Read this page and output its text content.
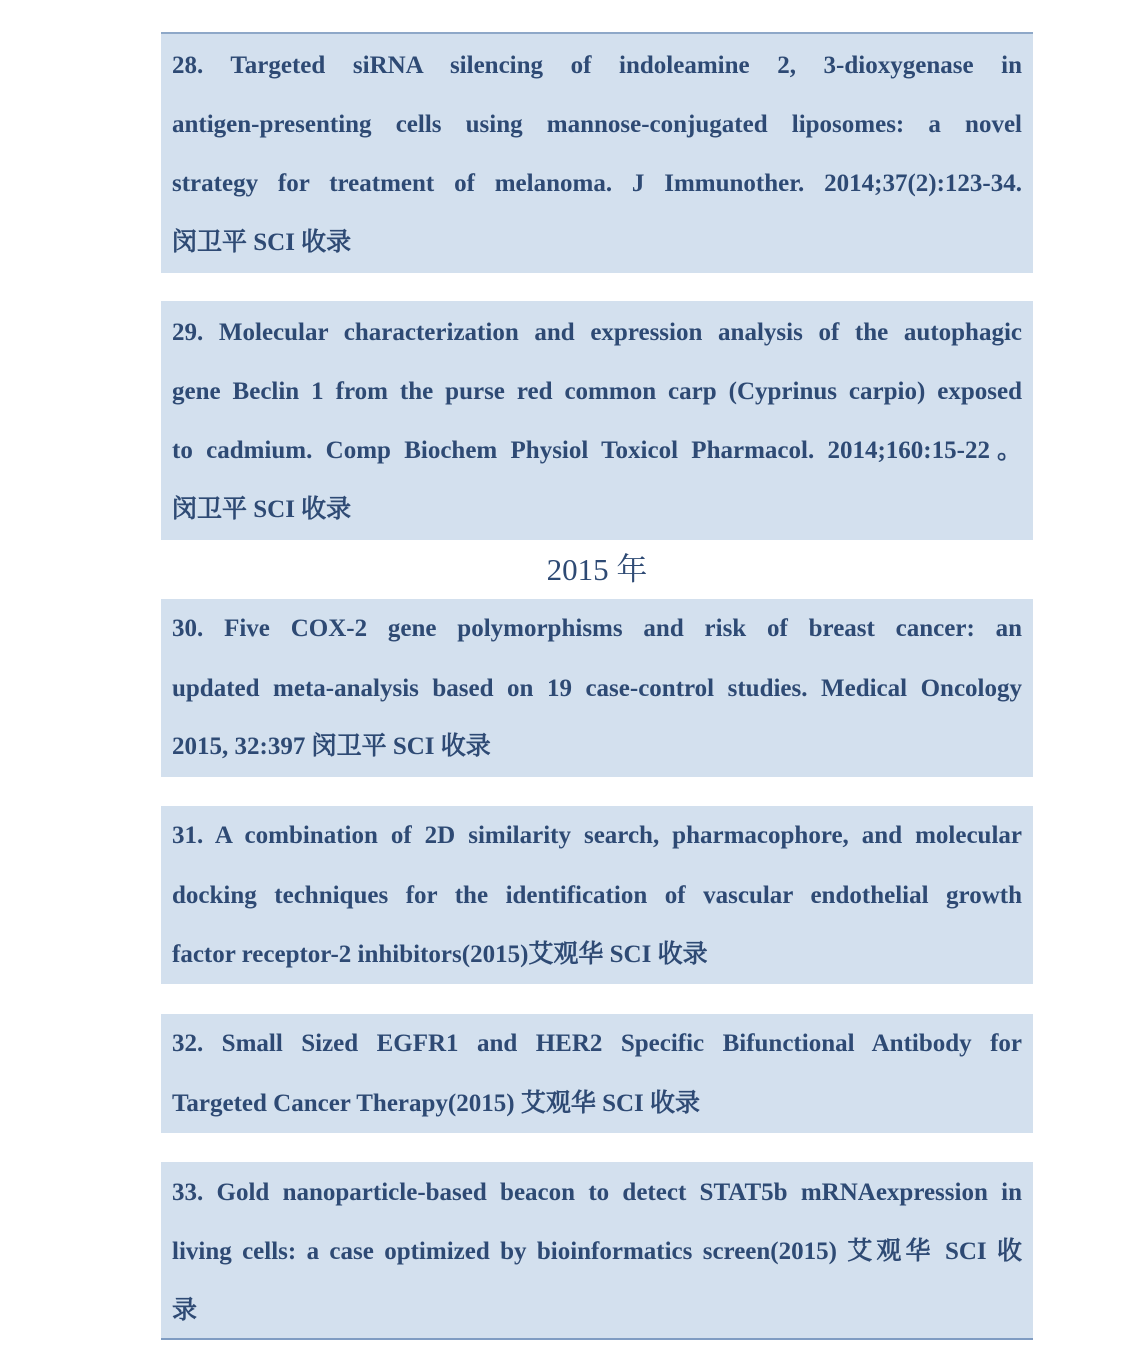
28. Targeted siRNA silencing of indoleamine 2, 3-dioxygenase in
antigen-presenting cells using mannose-conjugated liposomes: a novel
strategy for treatment of melanoma. J Immunother. 2014;37(2):123-34.
闵卫平 SCI 收录
29. Molecular characterization and expression analysis of the autophagic
gene Beclin 1 from the purse red common carp (Cyprinus carpio) exposed
to cadmium. Comp Biochem Physiol Toxicol Pharmacol. 2014;160:15-22。
闵卫平 SCI 收录
2015 年
30. Five COX-2 gene polymorphisms and risk of breast cancer: an
updated meta-analysis based on 19 case-control studies. Medical Oncology
2015, 32:397 闵卫平 SCI 收录
31. A combination of 2D similarity search, pharmacophore, and molecular
docking techniques for the identification of vascular endothelial growth
factor receptor-2 inhibitors(2015)艾观华 SCI 收录
32. Small Sized EGFR1 and HER2 Specific Bifunctional Antibody for
Targeted Cancer Therapy(2015) 艾观华 SCI 收录
33. Gold nanoparticle-based beacon to detect STAT5b mRNAexpression in
living cells: a case optimized by bioinformatics screen(2015) 艾观华 SCI 收
录
